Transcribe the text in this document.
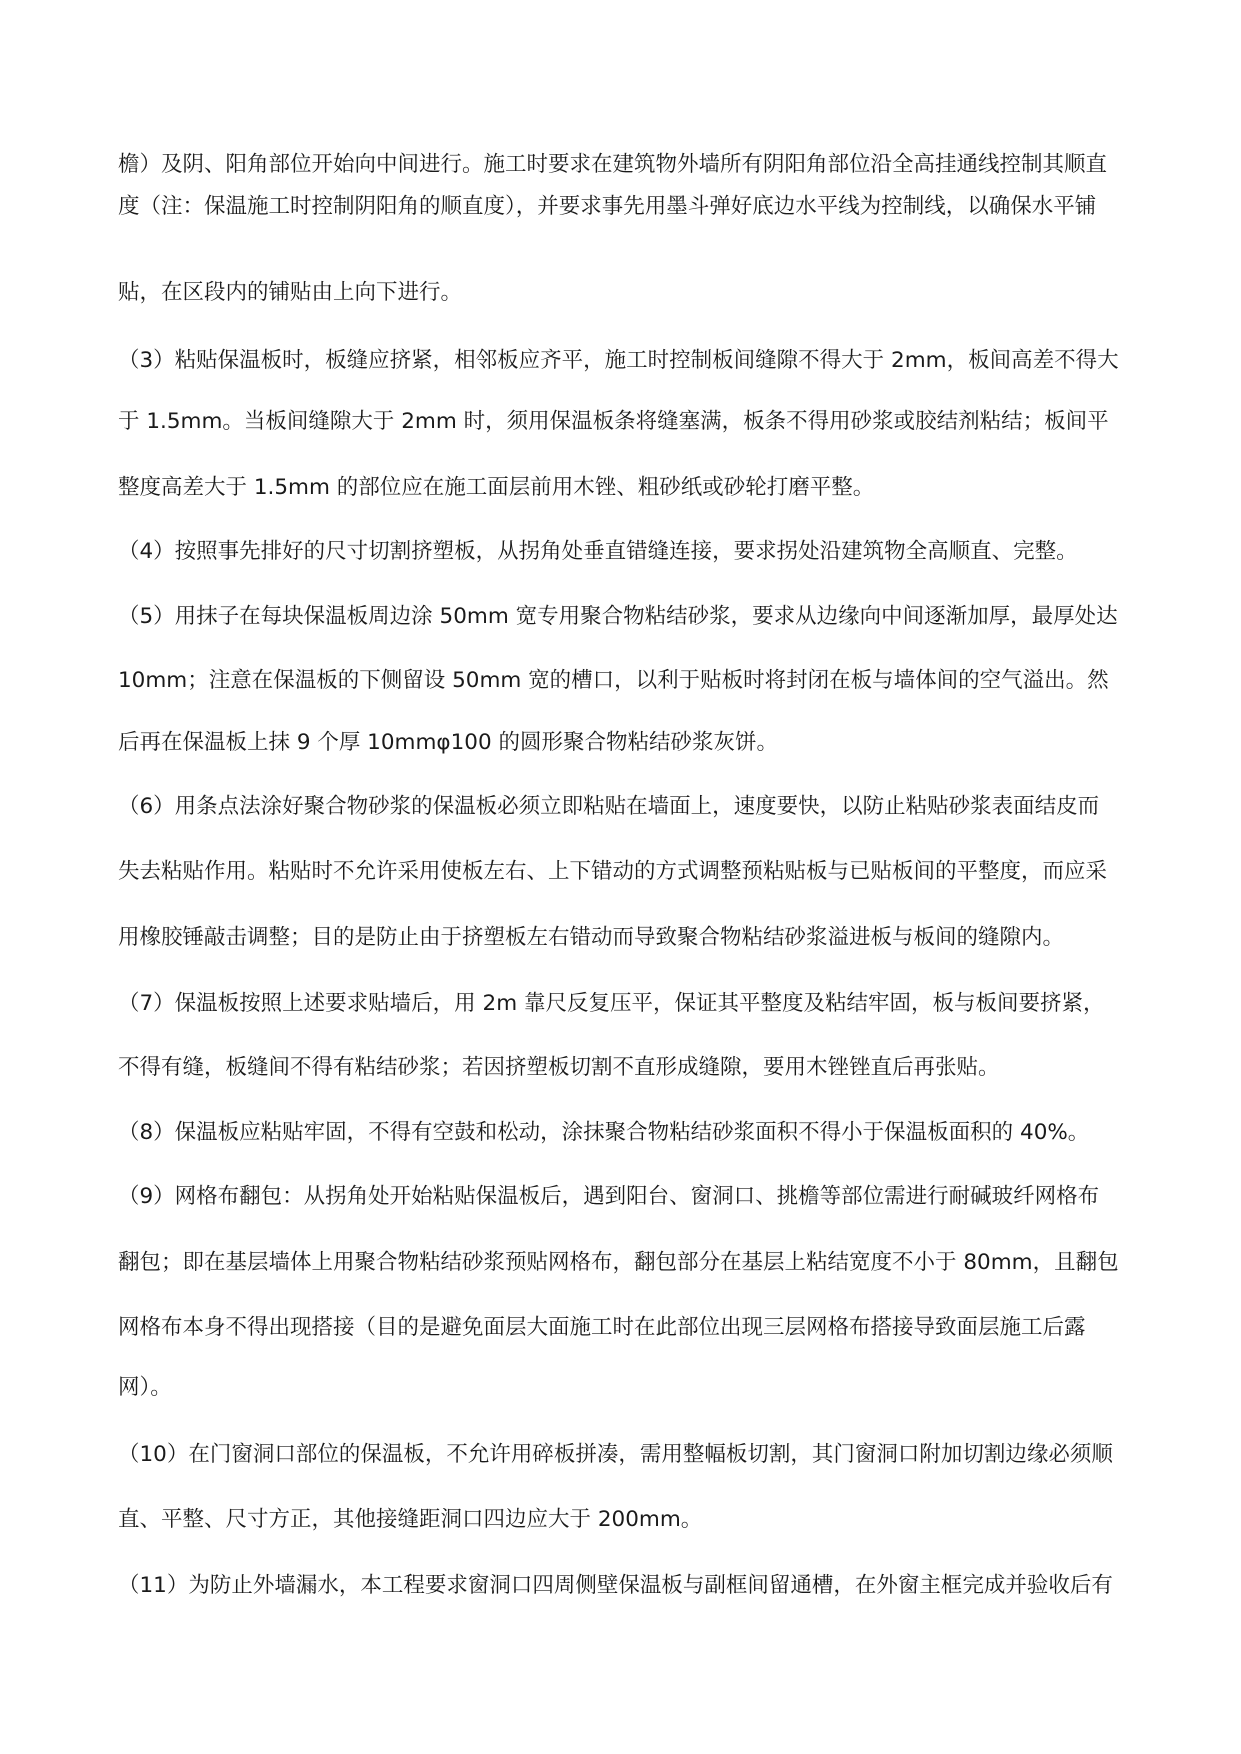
檐）及阴、阳角部位开始向中间进行。施工时要求在建筑物外墙所有阴阳角部位沿全高挂通线控制其顺直
度（注：保温施工时控制阴阳角的顺直度），并要求事先用墨斗弹好底边水平线为控制线，以确保水平铺
贴，在区段内的铺贴由上向下进行。
（3）粘贴保温板时，板缝应挤紧，相邻板应齐平，施工时控制板间缝隙不得大于 2mm，板间高差不得大
于 1.5mm。当板间缝隙大于 2mm 时，须用保温板条将缝塞满，板条不得用砂浆或胶结剂粘结；板间平
整度高差大于 1.5mm 的部位应在施工面层前用木锉、粗砂纸或砂轮打磨平整。
（4）按照事先排好的尺寸切割挤塑板，从拐角处垂直错缝连接，要求拐处沿建筑物全高顺直、完整。
（5）用抹子在每块保温板周边涂 50mm 宽专用聚合物粘结砂浆，要求从边缘向中间逐渐加厚，最厚处达
10mm；注意在保温板的下侧留设 50mm 宽的槽口，以利于贴板时将封闭在板与墙体间的空气溢出。然
后再在保温板上抹 9 个厚 10mmφ100 的圆形聚合物粘结砂浆灰饼。
（6）用条点法涂好聚合物砂浆的保温板必须立即粘贴在墙面上，速度要快，以防止粘贴砂浆表面结皮而
失去粘贴作用。粘贴时不允许采用使板左右、上下错动的方式调整预粘贴板与已贴板间的平整度，而应采
用橡胶锤敲击调整；目的是防止由于挤塑板左右错动而导致聚合物粘结砂浆溢进板与板间的缝隙内。
（7）保温板按照上述要求贴墙后，用 2m 靠尺反复压平，保证其平整度及粘结牢固，板与板间要挤紧，
不得有缝，板缝间不得有粘结砂浆；若因挤塑板切割不直形成缝隙，要用木锉锉直后再张贴。
（8）保温板应粘贴牢固，不得有空鼓和松动，涂抹聚合物粘结砂浆面积不得小于保温板面积的 40%。
（9）网格布翻包：从拐角处开始粘贴保温板后，遇到阳台、窗洞口、挑檐等部位需进行耐碱玻纤网格布
翻包；即在基层墙体上用聚合物粘结砂浆预贴网格布，翻包部分在基层上粘结宽度不小于 80mm，且翻包
网格布本身不得出现搭接（目的是避免面层大面施工时在此部位出现三层网格布搭接导致面层施工后露
网）。
（10）在门窗洞口部位的保温板，不允许用碎板拼凑，需用整幅板切割，其门窗洞口附加切割边缘必须顺
直、平整、尺寸方正，其他接缝距洞口四边应大于 200mm。
（11）为防止外墙漏水，本工程要求窗洞口四周侧壁保温板与副框间留通槽，在外窗主框完成并验收后有
